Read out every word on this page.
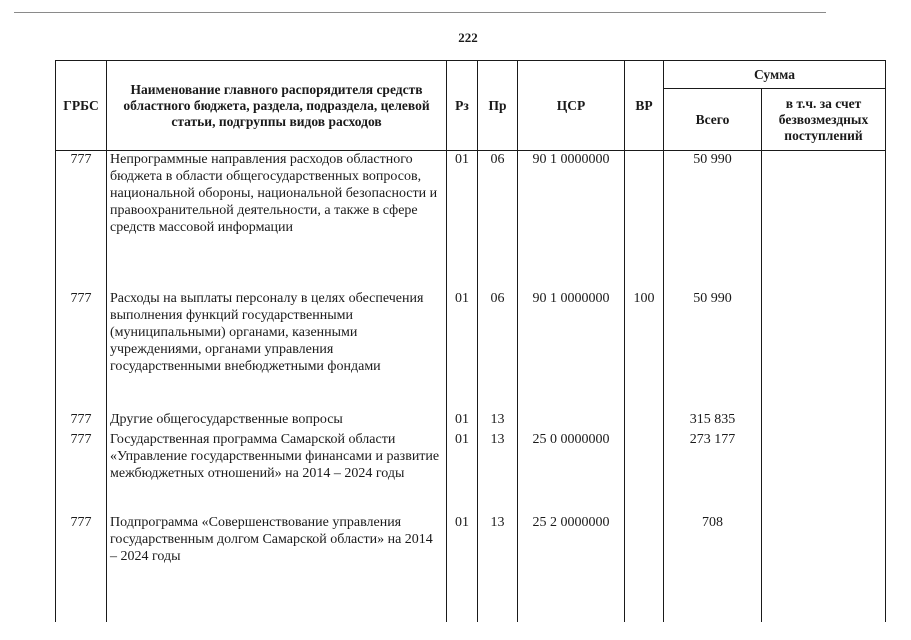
222
ГРБС	Наименование главного распорядителя средств областного бюджета, раздела, подраздела, целевой статьи, подгруппы видов расходов	Рз	Пр	ЦСР	ВР	Сумма	
						Всего	в т.ч. за счет безвозмездных поступлений
777	Непрограммные направления расходов областного бюджета в области общегосударственных вопросов, национальной обороны, национальной безопасности и правоохранительной деятельности, а также в сфере средств массовой информации	01	06	90 1 0000000		50 990	
777	Расходы на выплаты персоналу в целях обеспечения выполнения функций государственными (муниципальными) органами, казенными учреждениями, органами управления государственными внебюджетными фондами	01	06	90 1 0000000	100	50 990	
777	Другие общегосударственные вопросы	01	13			315 835	
777	Государственная программа Самарской области «Управление государственными финансами и развитие межбюджетных отношений» на 2014 – 2024 годы	01	13	25 0 0000000		273 177	
777	Подпрограмма «Совершенствование управления государственным долгом Самарской области» на 2014 – 2024 годы	01	13	25 2 0000000		708	
